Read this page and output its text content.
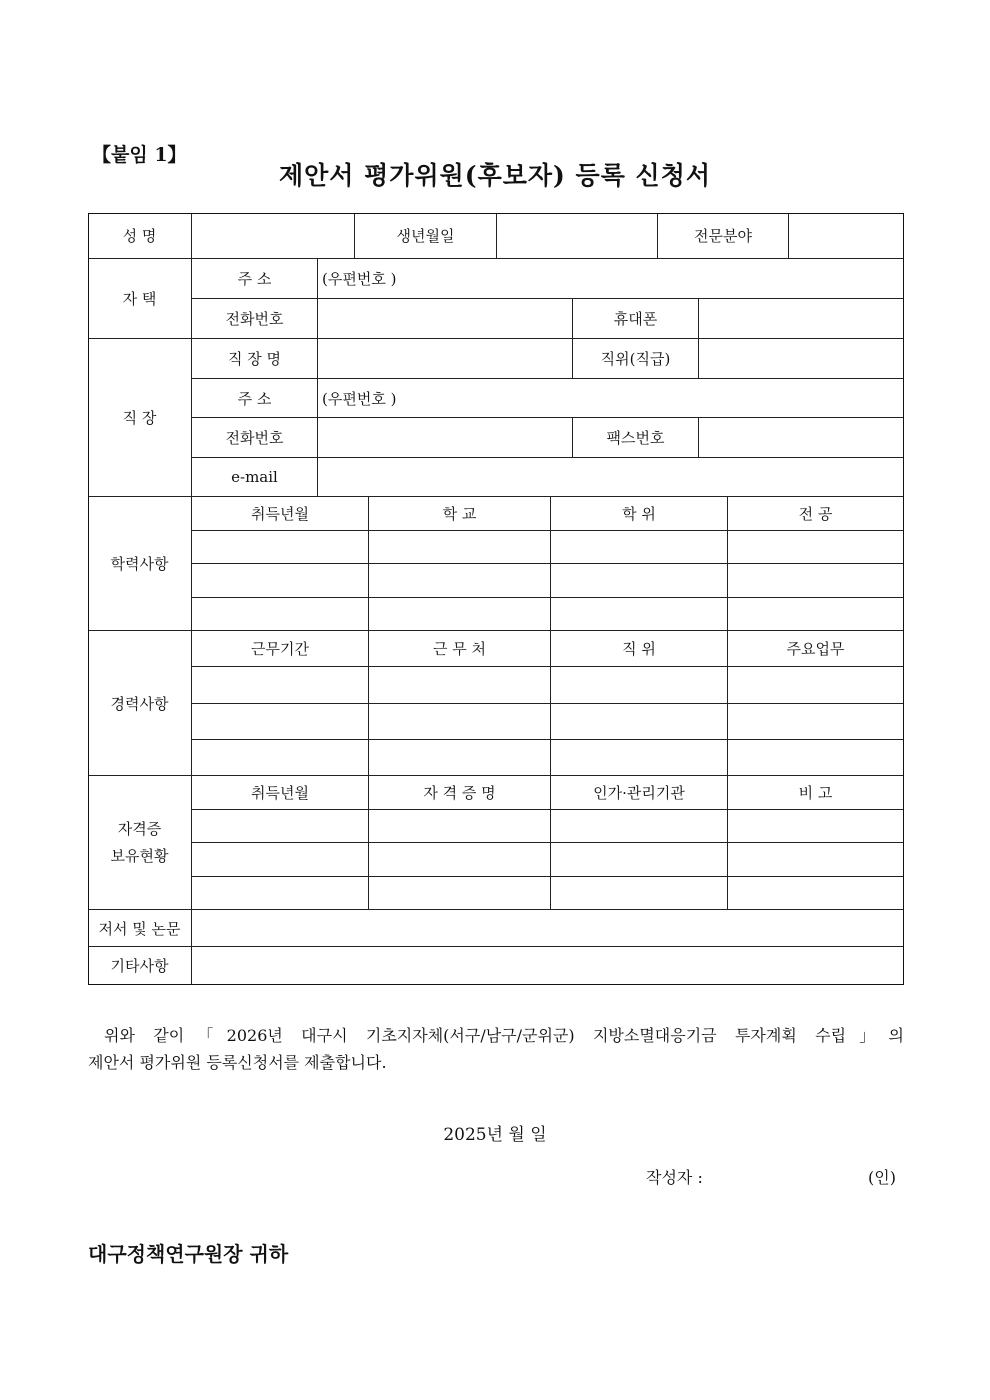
【붙임 1】
제안서 평가위원(후보자) 등록 신청서
성 명	생년월일	전문분야
자 택
주 소	(우편번호 )
전화번호	휴대폰
직 장
직 장 명	직위(직급)
주 소	(우편번호 )
전화번호	팩스번호
e-mail
학력사항
취득년월	학 교	학 위	전 공
경력사항
근무기간	근 무 처	직 위	주요업무
자격증
보유현황
취득년월	자 격 증 명	인가·관리기관	비 고
저서 및 논문
기타사항
위와 같이「2026년 대구시 기초지자체(서구/남구/군위군) 지방소멸대응기금 투자계획 수립」의
제안서 평가위원 등록신청서를 제출합니다.
2025년 월 일
작성자 :	(인)
대구정책연구원장 귀하
